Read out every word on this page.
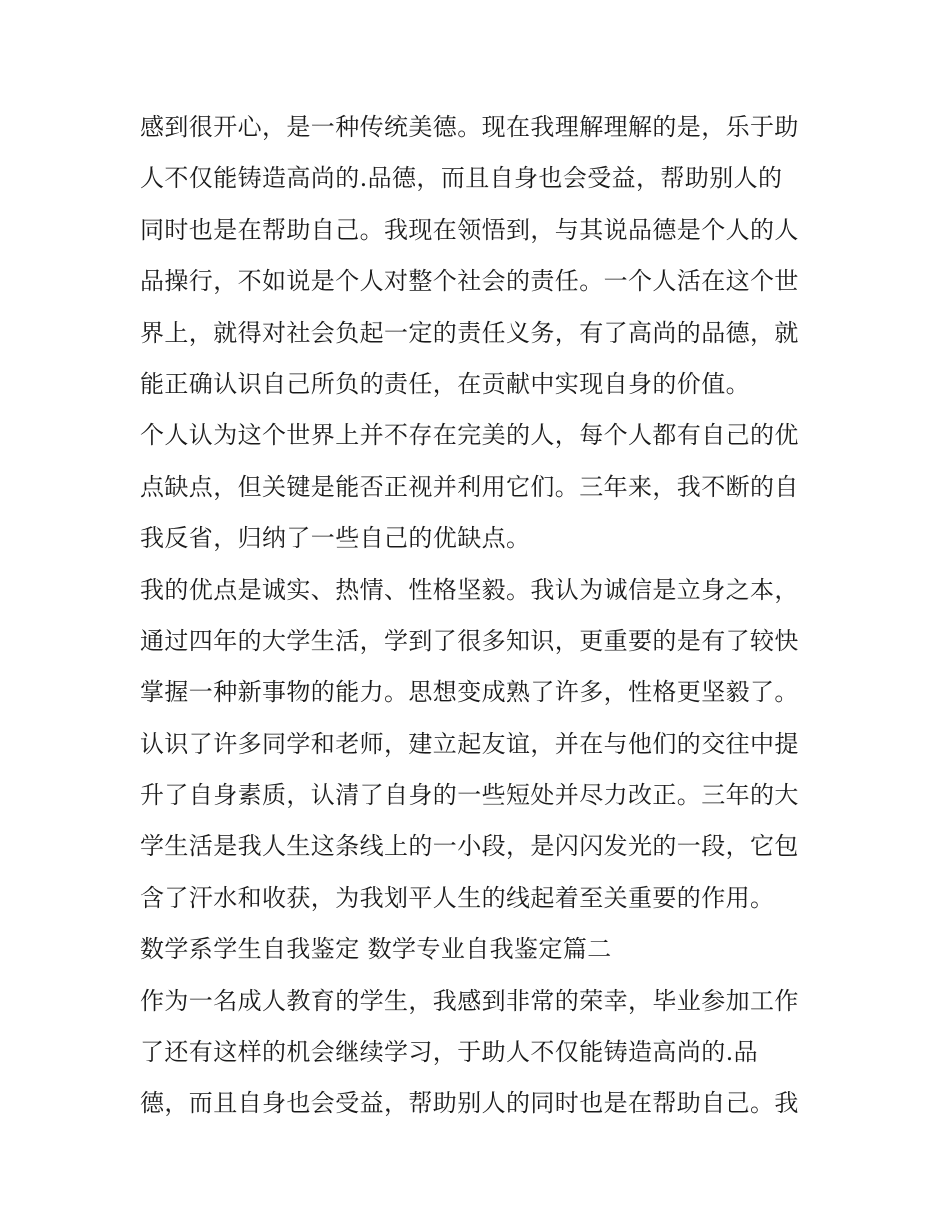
感到很开心，是一种传统美德。现在我理解理解的是，乐于助
人不仅能铸造高尚的.品德，而且自身也会受益，帮助别人的
同时也是在帮助自己。我现在领悟到，与其说品德是个人的人
品操行，不如说是个人对整个社会的责任。一个人活在这个世
界上，就得对社会负起一定的责任义务，有了高尚的品德，就
能正确认识自己所负的责任，在贡献中实现自身的价值。
个人认为这个世界上并不存在完美的人，每个人都有自己的优
点缺点，但关键是能否正视并利用它们。三年来，我不断的自
我反省，归纳了一些自己的优缺点。
我的优点是诚实、热情、性格坚毅。我认为诚信是立身之本，
通过四年的大学生活，学到了很多知识，更重要的是有了较快
掌握一种新事物的能力。思想变成熟了许多，性格更坚毅了。
认识了许多同学和老师，建立起友谊，并在与他们的交往中提
升了自身素质，认清了自身的一些短处并尽力改正。三年的大
学生活是我人生这条线上的一小段，是闪闪发光的一段，它包
含了汗水和收获，为我划平人生的线起着至关重要的作用。
数学系学生自我鉴定 数学专业自我鉴定篇二
作为一名成人教育的学生，我感到非常的荣幸，毕业参加工作
了还有这样的机会继续学习，于助人不仅能铸造高尚的.品
德，而且自身也会受益，帮助别人的同时也是在帮助自己。我
